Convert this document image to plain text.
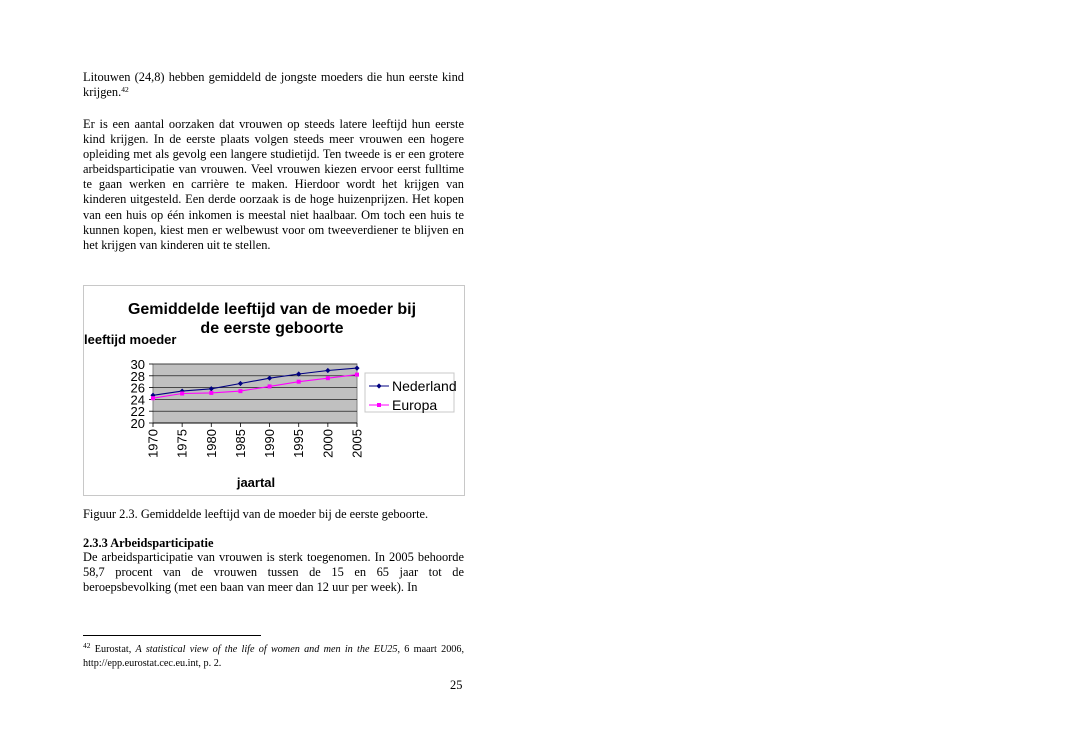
Litouwen (24,8) hebben gemiddeld de jongste moeders die hun eerste kind krijgen.$^{42}$

Er is een aantal oorzaken dat vrouwen op steeds latere leeftijd hun eerste kind krijgen. In de eerste plaats volgen steeds meer vrouwen een hogere opleiding met als gevolg een langere studietijd. Ten tweede is er een grotere arbeidsparticipatie van vrouwen. Veel vrouwen kiezen ervoor eerst fulltime te gaan werken en carrière te maken. Hierdoor wordt het krijgen van kinderen uitgesteld. Een derde oorzaak is de hoge huizenprijzen. Het kopen van een huis op één inkomen is meestal niet haalbaar. Om toch een huis te kunnen kopen, kiest men er welbewust voor om tweeverdiener te blijven en het krijgen van kinderen uit te stellen.

Gemiddelde leeftijd van de moeder bij
de eerste geboorte
leeftijd moeder
jaartal
20
22
24
26
28
30
1970 1975 1980 1985 1990 1995 2000 2005
Nederland
Europa
Figuur 2.3. Gemiddelde leeftijd van de moeder bij de eerste geboorte.
2.3.3 Arbeidsparticipatie

De arbeidsparticipatie van vrouwen is sterk toegenomen. In 2005 behoorde 58,7 procent van de vrouwen tussen de 15 en 65 jaar tot de beroepsbevolking (met een baan van meer dan 12 uur per week). In

$^{42}$ Eurostat, A statistical view of the life of women and men in the EU25, 6 maart 2006, http://epp.eurostat.cec.eu.int, p. 2.

25
